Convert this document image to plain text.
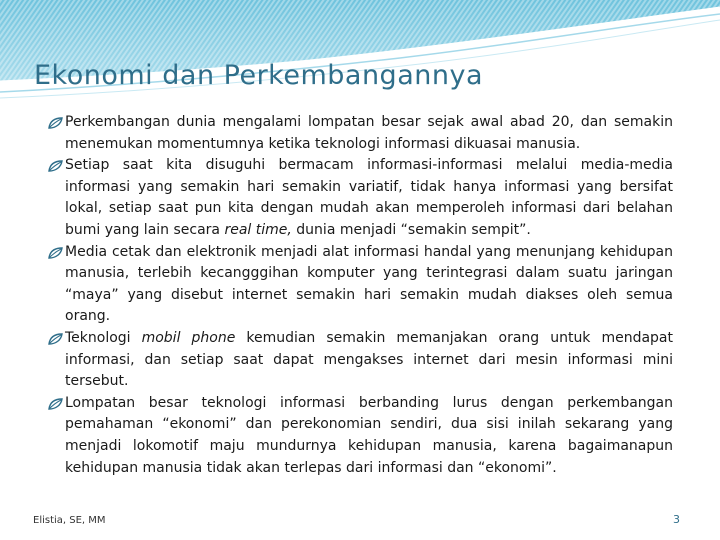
Ekonomi dan Perkembangannya
Perkembangan dunia mengalami lompatan besar sejak awal abad 20, dan semakin menemukan momentumnya ketika teknologi informasi dikuasai manusia.
Setiap saat kita disuguhi bermacam informasi-informasi melalui media-media informasi yang semakin hari semakin variatif, tidak hanya informasi yang bersifat lokal, setiap saat pun kita dengan mudah akan memperoleh informasi dari belahan bumi yang lain secara real time, dunia menjadi “semakin sempit”.
Media cetak dan elektronik menjadi alat informasi handal yang menunjang kehidupan manusia, terlebih kecangggihan komputer yang terintegrasi dalam suatu jaringan “maya” yang disebut internet semakin hari semakin mudah diakses oleh semua orang.
Teknologi mobil phone kemudian semakin memanjakan orang untuk mendapat informasi, dan setiap saat dapat mengakses internet dari mesin informasi mini tersebut.
Lompatan besar teknologi informasi berbanding lurus dengan perkembangan pemahaman “ekonomi” dan perekonomian sendiri, dua sisi inilah sekarang yang menjadi lokomotif maju mundurnya kehidupan manusia, karena bagaimanapun kehidupan manusia tidak akan terlepas dari informasi dan “ekonomi”.
Elistia, SE, MM	3
